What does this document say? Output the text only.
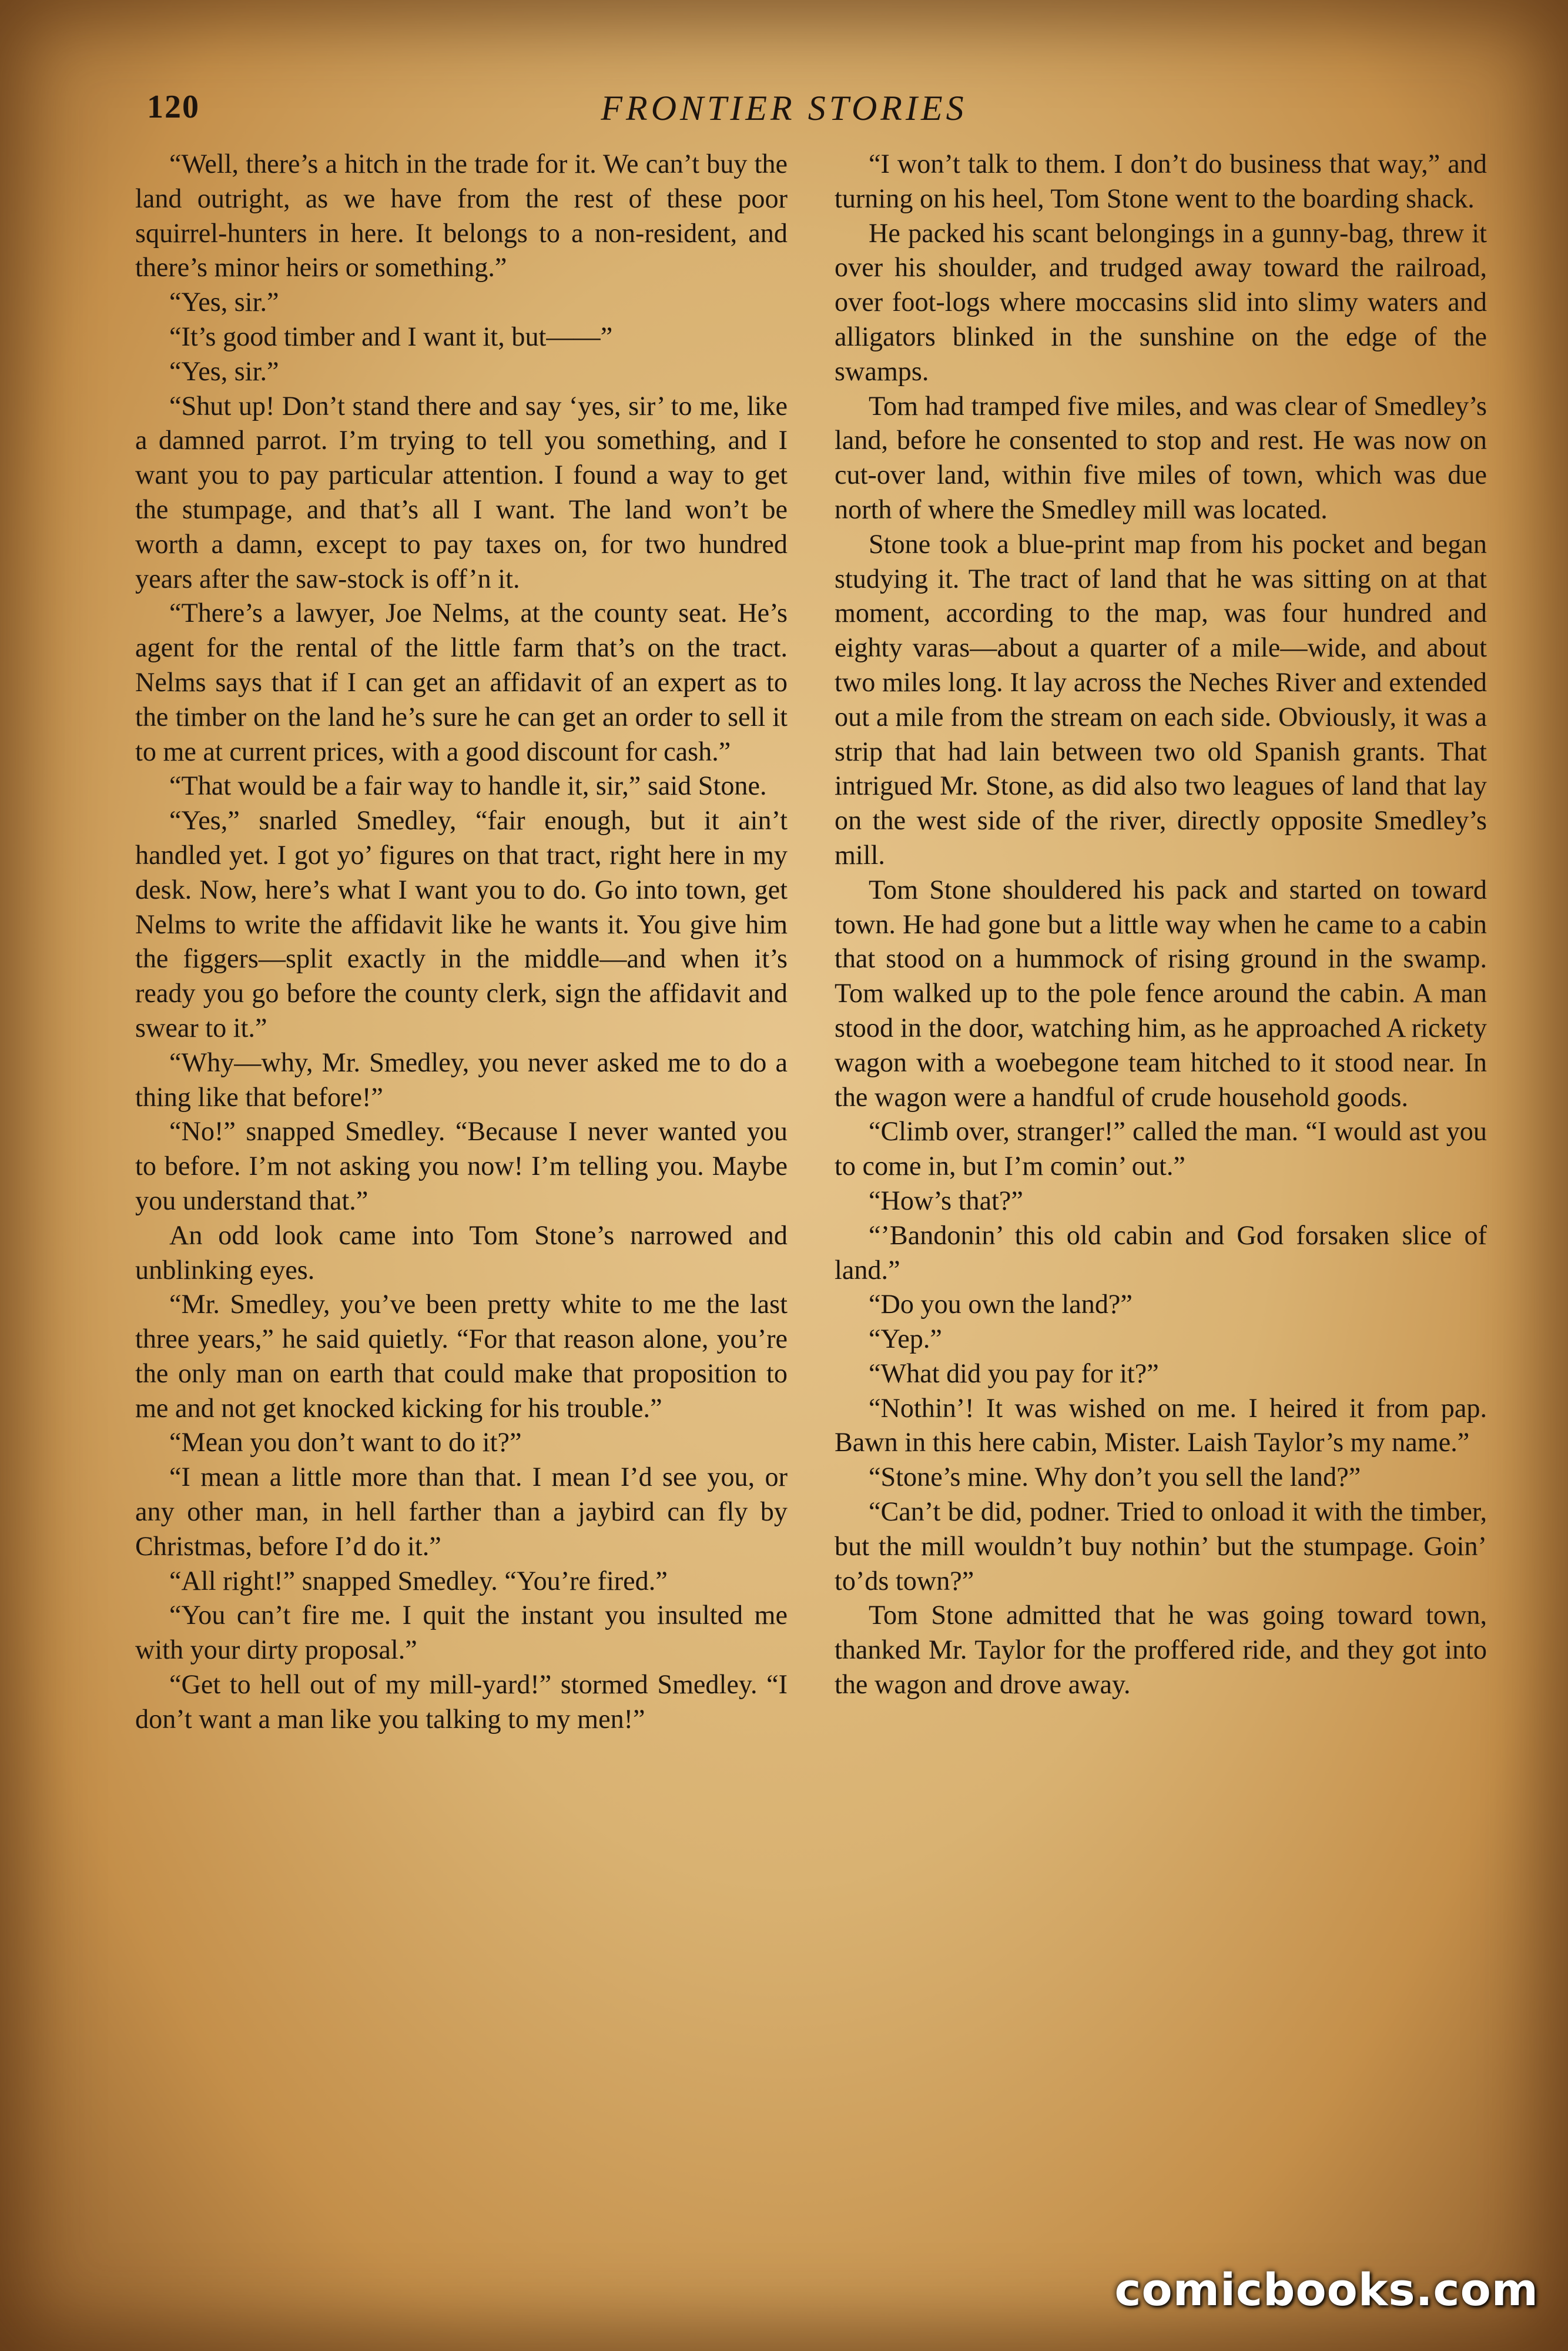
120	FRONTIER STORIES

“Well, there’s a hitch in the trade for it. We can’t buy the land outright, as we have from the rest of these poor squirrel-hunters in here. It belongs to a non-resident, and there’s minor heirs or something.”

“Yes, sir.”

“It’s good timber and I want it, but——”

“Yes, sir.”

“Shut up! Don’t stand there and say ‘yes, sir’ to me, like a damned parrot. I’m trying to tell you something, and I want you to pay particular attention. I found a way to get the stumpage, and that’s all I want. The land won’t be worth a damn, except to pay taxes on, for two hundred years after the saw-stock is off’n it.

“There’s a lawyer, Joe Nelms, at the county seat. He’s agent for the rental of the little farm that’s on the tract. Nelms says that if I can get an affidavit of an expert as to the timber on the land he’s sure he can get an order to sell it to me at current prices, with a good discount for cash.”

“That would be a fair way to handle it, sir,” said Stone.

“Yes,” snarled Smedley, “fair enough, but it ain’t handled yet. I got yo’ figures on that tract, right here in my desk. Now, here’s what I want you to do. Go into town, get Nelms to write the affidavit like he wants it. You give him the figgers—split exactly in the middle—and when it’s ready you go before the county clerk, sign the affidavit and swear to it.”

“Why—why, Mr. Smedley, you never asked me to do a thing like that before!”

“No!” snapped Smedley. “Because I never wanted you to before. I’m not asking you now! I’m telling you. Maybe you understand that.”

An odd look came into Tom Stone’s narrowed and unblinking eyes.

“Mr. Smedley, you’ve been pretty white to me the last three years,” he said quietly. “For that reason alone, you’re the only man on earth that could make that proposition to me and not get knocked kicking for his trouble.”

“Mean you don’t want to do it?”

“I mean a little more than that. I mean I’d see you, or any other man, in hell farther than a jaybird can fly by Christmas, before I’d do it.”

“All right!” snapped Smedley. “You’re fired.”

“You can’t fire me. I quit the instant you insulted me with your dirty proposal.”

“Get to hell out of my mill-yard!” stormed Smedley. “I don’t want a man like you talking to my men!”

“I won’t talk to them. I don’t do business that way,” and turning on his heel, Tom Stone went to the boarding shack.

He packed his scant belongings in a gunny-bag, threw it over his shoulder, and trudged away toward the railroad, over foot-logs where moccasins slid into slimy waters and alligators blinked in the sunshine on the edge of the swamps.

Tom had tramped five miles, and was clear of Smedley’s land, before he consented to stop and rest. He was now on cut-over land, within five miles of town, which was due north of where the Smedley mill was located.

Stone took a blue-print map from his pocket and began studying it. The tract of land that he was sitting on at that moment, according to the map, was four hundred and eighty varas—about a quarter of a mile—wide, and about two miles long. It lay across the Neches River and extended out a mile from the stream on each side. Obviously, it was a strip that had lain between two old Spanish grants. That intrigued Mr. Stone, as did also two leagues of land that lay on the west side of the river, directly opposite Smedley’s mill.

Tom Stone shouldered his pack and started on toward town. He had gone but a little way when he came to a cabin that stood on a hummock of rising ground in the swamp. Tom walked up to the pole fence around the cabin. A man stood in the door, watching him, as he approached A rickety wagon with a woebegone team hitched to it stood near. In the wagon were a handful of crude household goods.

“Climb over, stranger!” called the man. “I would ast you to come in, but I’m comin’ out.”

“How’s that?”

“’Bandonin’ this old cabin and God forsaken slice of land.”

“Do you own the land?”

“Yep.”

“What did you pay for it?”

“Nothin’! It was wished on me. I heired it from pap. Bawn in this here cabin, Mister. Laish Taylor’s my name.”

“Stone’s mine. Why don’t you sell the land?”

“Can’t be did, podner. Tried to onload it with the timber, but the mill wouldn’t buy nothin’ but the stumpage. Goin’ to’ds town?”

Tom Stone admitted that he was going toward town, thanked Mr. Taylor for the proffered ride, and they got into the wagon and drove away.

comicbooks.com
